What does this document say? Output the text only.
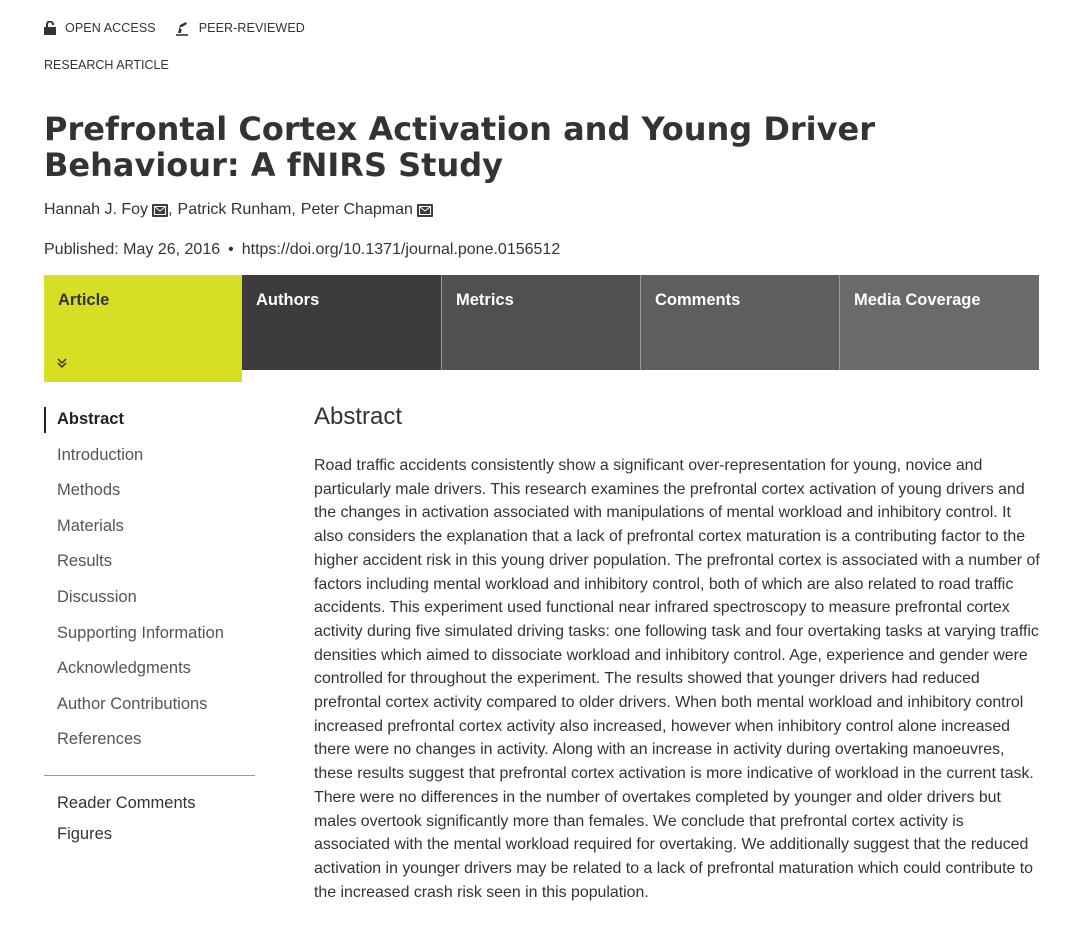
OPEN ACCESS	PEER-REVIEWED
RESEARCH ARTICLE
Prefrontal Cortex Activation and Young Driver Behaviour: A fNIRS Study
Hannah J. Foy , Patrick Runham , Peter Chapman
Published: May 26, 2016 • https://doi.org/10.1371/journal.pone.0156512
Article	Authors	Metrics	Comments	Media Coverage
Abstract
Introduction
Methods
Materials
Results
Discussion
Supporting Information
Acknowledgments
Author Contributions
References
Reader Comments
Figures
Abstract

Road traffic accidents consistently show a significant over-representation for young, novice and particularly male drivers. This research examines the prefrontal cortex activation of young drivers and the changes in activation associated with manipulations of mental workload and inhibitory control. It also considers the explanation that a lack of prefrontal cortex maturation is a contributing factor to the higher accident risk in this young driver population. The prefrontal cortex is associated with a number of factors including mental workload and inhibitory control, both of which are also related to road traffic accidents. This experiment used functional near infrared spectroscopy to measure prefrontal cortex activity during five simulated driving tasks: one following task and four overtaking tasks at varying traffic densities which aimed to dissociate workload and inhibitory control. Age, experience and gender were controlled for throughout the experiment. The results showed that younger drivers had reduced prefrontal cortex activity compared to older drivers. When both mental workload and inhibitory control increased prefrontal cortex activity also increased, however when inhibitory control alone increased there were no changes in activity. Along with an increase in activity during overtaking manoeuvres, these results suggest that prefrontal cortex activation is more indicative of workload in the current task. There were no differences in the number of overtakes completed by younger and older drivers but males overtook significantly more than females. We conclude that prefrontal cortex activity is associated with the mental workload required for overtaking. We additionally suggest that the reduced activation in younger drivers may be related to a lack of prefrontal maturation which could contribute to the increased crash risk seen in this population.
